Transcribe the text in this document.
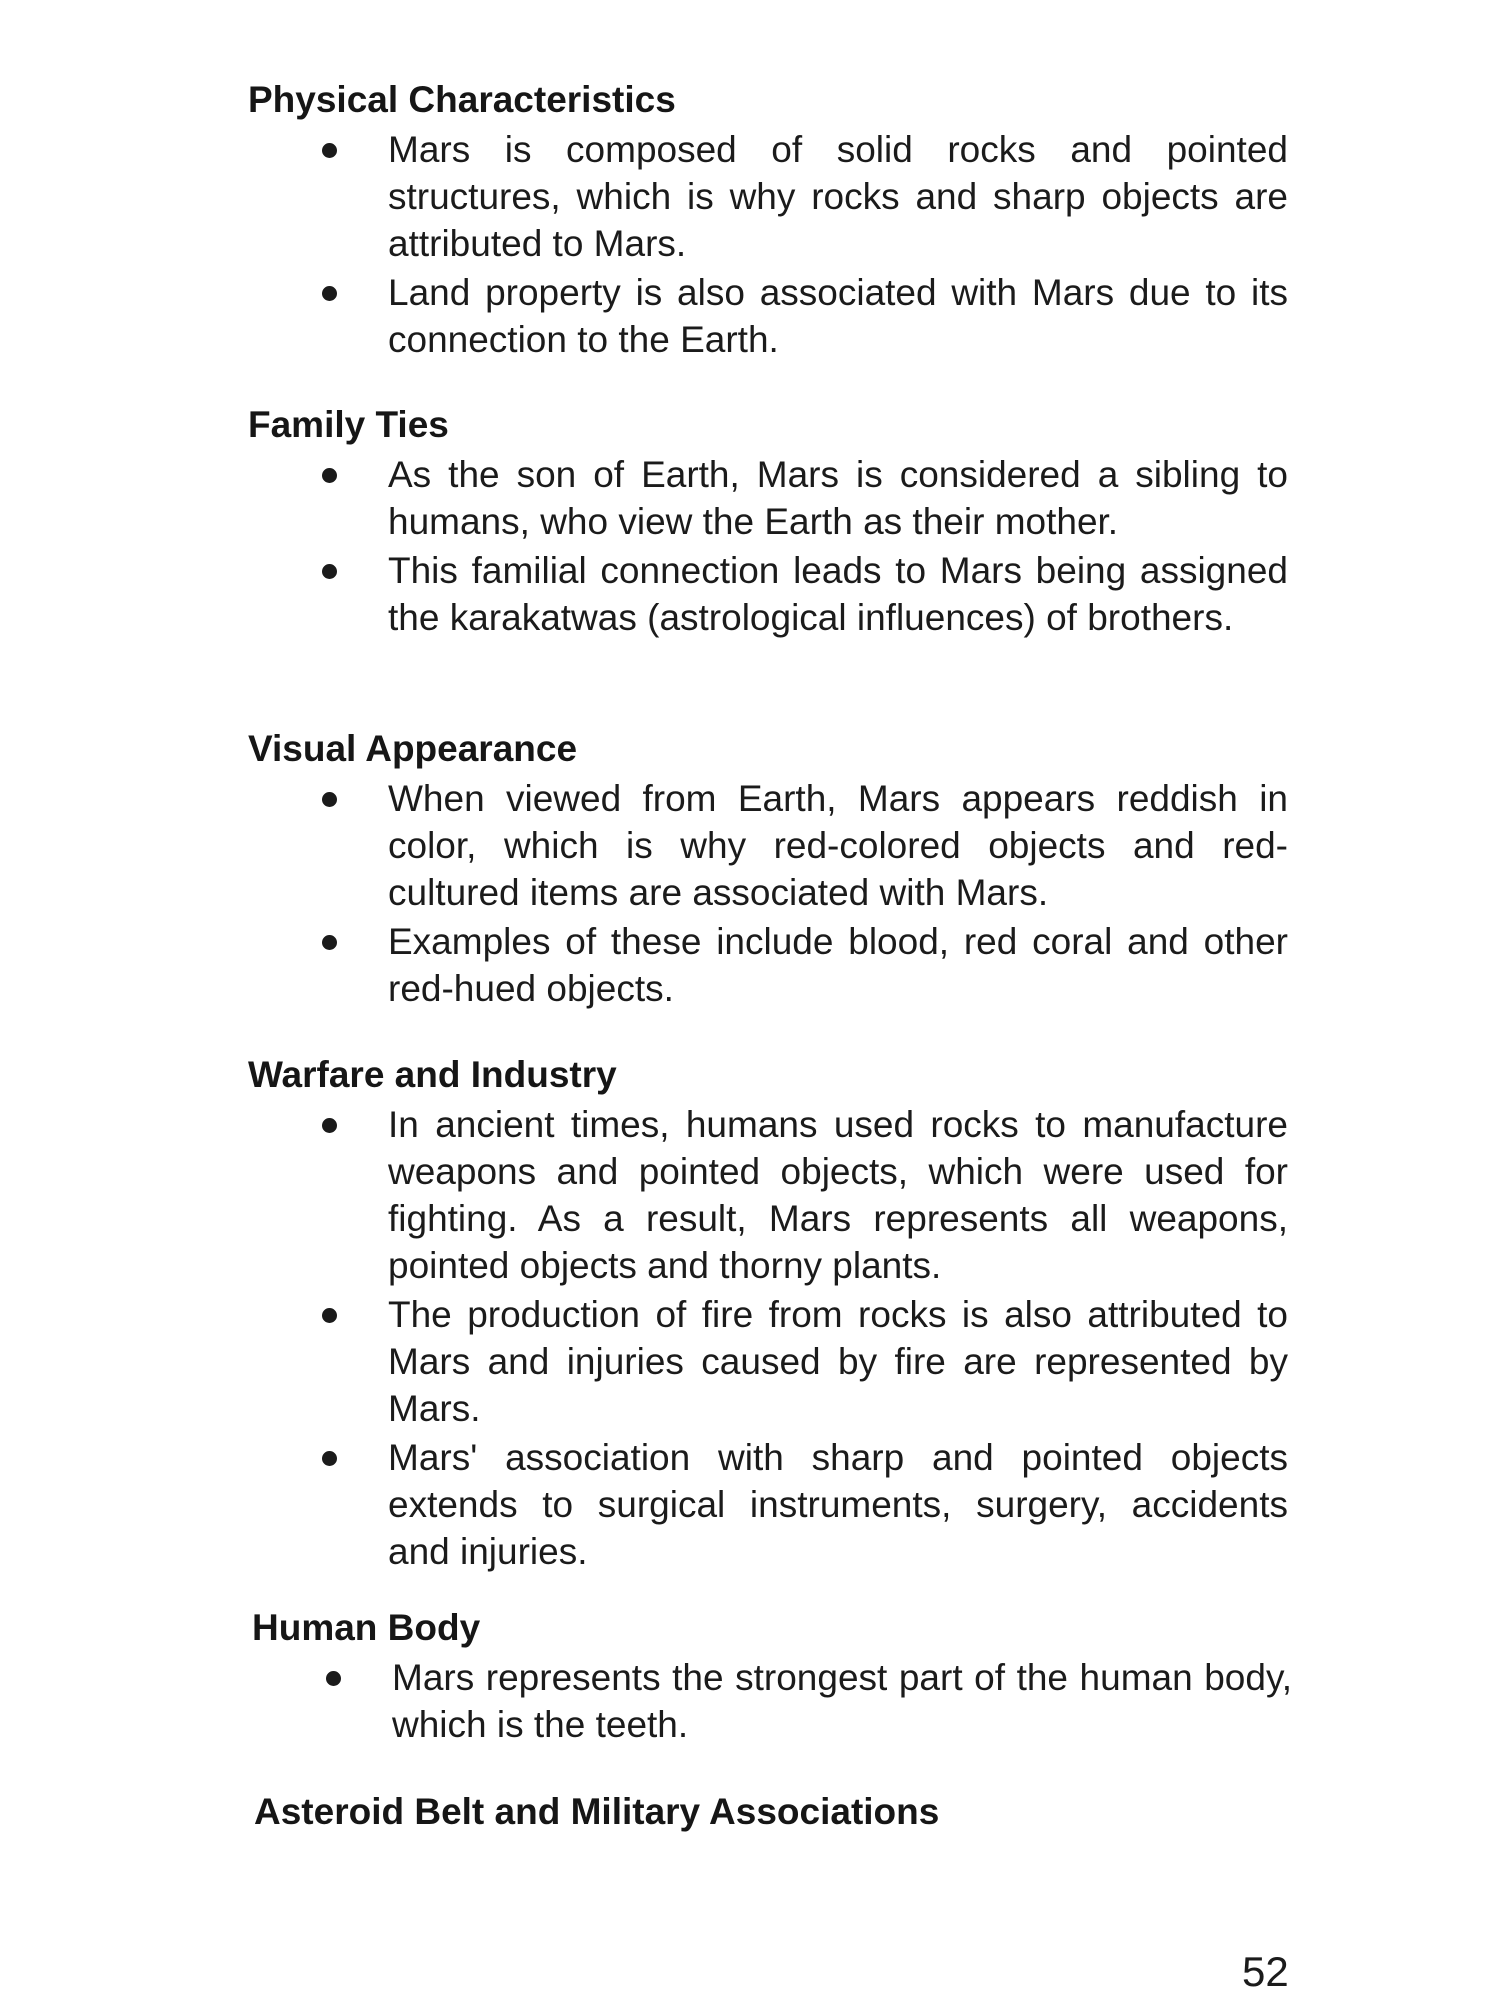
Physical Characteristics
Mars is composed of solid rocks and pointed structures, which is why rocks and sharp objects are attributed to Mars.
Land property is also associated with Mars due to its connection to the Earth.
Family Ties
As the son of Earth, Mars is considered a sibling to humans, who view the Earth as their mother.
This familial connection leads to Mars being assigned the karakatwas (astrological influences) of brothers.
Visual Appearance
When viewed from Earth, Mars appears reddish in color, which is why red-colored objects and red-cultured items are associated with Mars.
Examples of these include blood, red coral and other red-hued objects.
Warfare and Industry
In ancient times, humans used rocks to manufacture weapons and pointed objects, which were used for fighting. As a result, Mars represents all weapons, pointed objects and thorny plants.
The production of fire from rocks is also attributed to Mars and injuries caused by fire are represented by Mars.
Mars' association with sharp and pointed objects extends to surgical instruments, surgery, accidents and injuries.
Human Body
Mars represents the strongest part of the human body, which is the teeth.
Asteroid Belt and Military Associations
52
